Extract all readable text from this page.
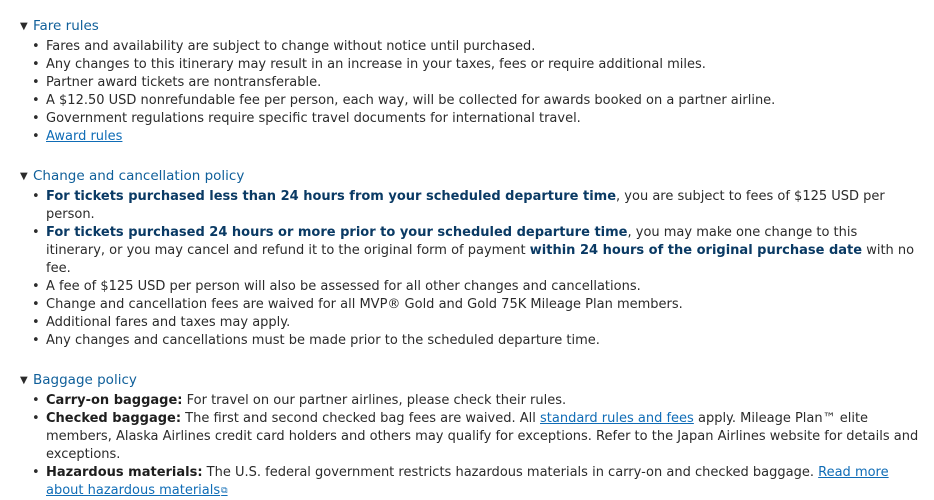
▼ Fare rules
• Fares and availability are subject to change without notice until purchased.
• Any changes to this itinerary may result in an increase in your taxes, fees or require additional miles.
• Partner award tickets are nontransferable.
• A $12.50 USD nonrefundable fee per person, each way, will be collected for awards booked on a partner airline.
• Government regulations require specific travel documents for international travel.
• Award rules
▼ Change and cancellation policy
• For tickets purchased less than 24 hours from your scheduled departure time, you are subject to fees of $125 USD per person.
• For tickets purchased 24 hours or more prior to your scheduled departure time, you may make one change to this itinerary, or you may cancel and refund it to the original form of payment within 24 hours of the original purchase date with no fee.
• A fee of $125 USD per person will also be assessed for all other changes and cancellations.
• Change and cancellation fees are waived for all MVP® Gold and Gold 75K Mileage Plan members.
• Additional fares and taxes may apply.
• Any changes and cancellations must be made prior to the scheduled departure time.
▼ Baggage policy
• Carry-on baggage: For travel on our partner airlines, please check their rules.
• Checked baggage: The first and second checked bag fees are waived. All standard rules and fees apply. Mileage Plan™ elite members, Alaska Airlines credit card holders and others may qualify for exceptions. Refer to the Japan Airlines website for details and exceptions.
• Hazardous materials: The U.S. federal government restricts hazardous materials in carry-on and checked baggage. Read more about hazardous materials⧉
